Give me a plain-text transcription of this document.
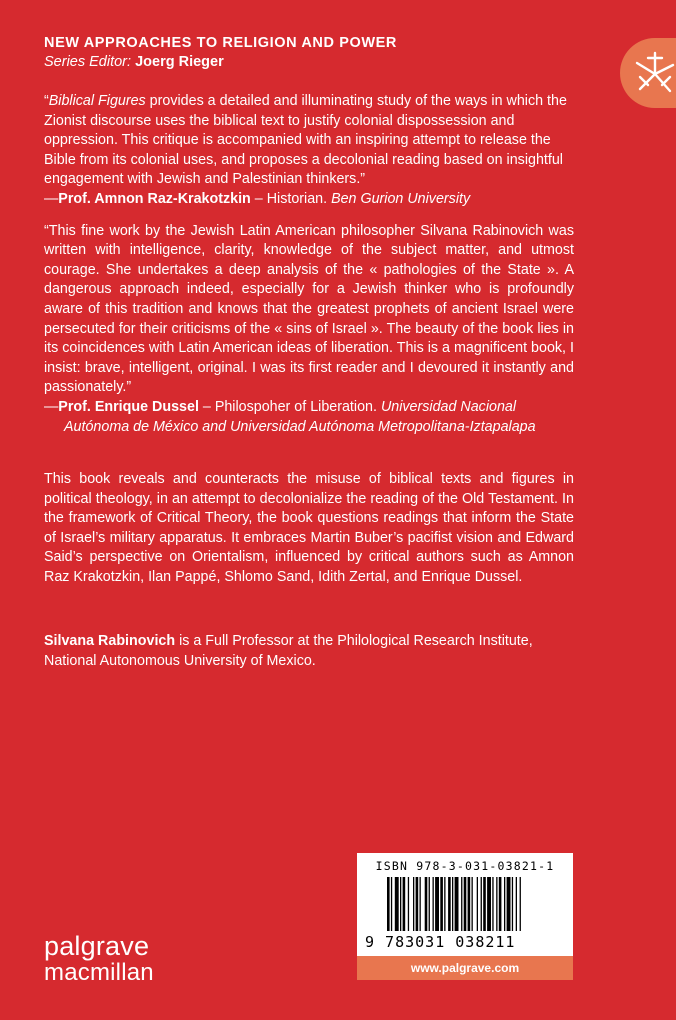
NEW APPROACHES TO RELIGION AND POWER
Series Editor: Joerg Rieger
“Biblical Figures provides a detailed and illuminating study of the ways in which the Zionist discourse uses the biblical text to justify colonial dispossession and oppression. This critique is accompanied with an inspiring attempt to release the Bible from its colonial uses, and proposes a decolonial reading based on insightful engagement with Jewish and Palestinian thinkers.”
—Prof. Amnon Raz-Krakotzkin – Historian. Ben Gurion University
“This fine work by the Jewish Latin American philosopher Silvana Rabinovich was written with intelligence, clarity, knowledge of the subject matter, and utmost courage. She undertakes a deep analysis of the « pathologies of the State ». A dangerous approach indeed, especially for a Jewish thinker who is profoundly aware of this tradition and knows that the greatest prophets of ancient Israel were persecuted for their criticisms of the « sins of Israel ». The beauty of the book lies in its coincidences with Latin American ideas of liberation. This is a magnificent book, I insist: brave, intelligent, original. I was its first reader and I devoured it instantly and passionately.”
—Prof. Enrique Dussel – Philospoher of Liberation. Universidad Nacional Autónoma de México and Universidad Autónoma Metropolitana-Iztapalapa
This book reveals and counteracts the misuse of biblical texts and figures in political theology, in an attempt to decolonialize the reading of the Old Testament. In the framework of Critical Theory, the book questions readings that inform the State of Israel’s military apparatus. It embraces Martin Buber’s pacifist vision and Edward Said’s perspective on Orientalism, influenced by critical authors such as Amnon Raz Krakotzkin, Ilan Pappé, Shlomo Sand, Idith Zertal, and Enrique Dussel.
Silvana Rabinovich is a Full Professor at the Philological Research Institute, National Autonomous University of Mexico.
palgrave
macmillan
ISBN 978-3-031-03821-1
9 783031 038211
www.palgrave.com
